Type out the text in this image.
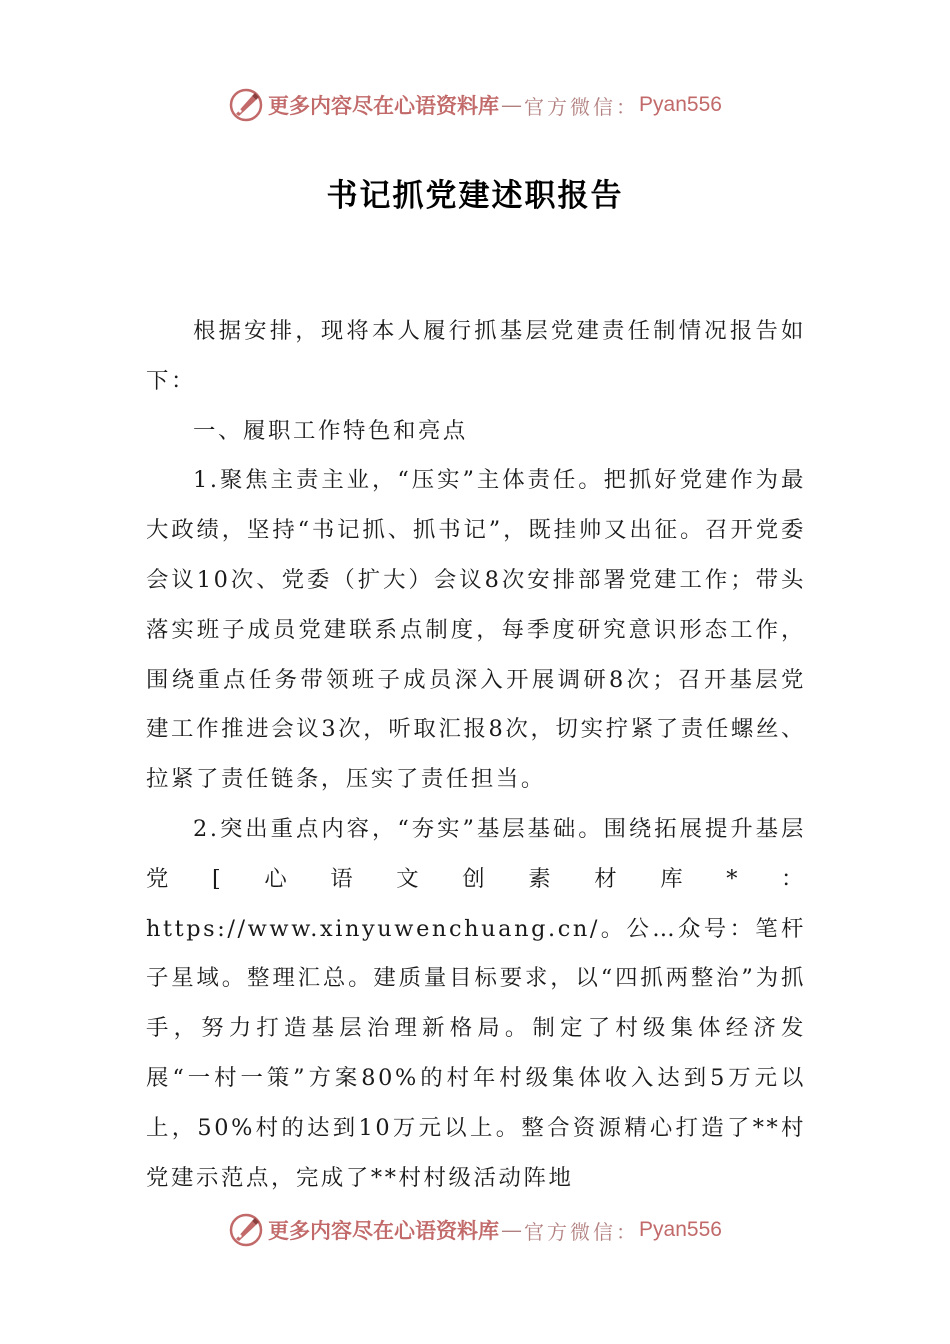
更多内容尽在心语资料库 — 官方微信： Pyan556
书记抓党建述职报告

根据安排，现将本人履行抓基层党建责任制情况报告如下：

一、履职工作特色和亮点

1.聚焦主责主业，“压实”主体责任。把抓好党建作为最大政绩，坚持“书记抓、抓书记”，既挂帅又出征。召开党委会议10次、党委（扩大）会议8次安排部署党建工作；带头落实班子成员党建联系点制度，每季度研究意识形态工作，围绕重点任务带领班子成员深入开展调研8次；召开基层党建工作推进会议3次，听取汇报8次，切实拧紧了责任螺丝、拉紧了责任链条，压实了责任担当。

2.突出重点内容，“夯实”基层基础。围绕拓展提升基层党[心语文创素材库*：https://www.xinyuwenchuang.cn/。公…众号：笔杆子星域。整理汇总。建质量目标要求，以“四抓两整治”为抓手，努力打造基层治理新格局。制定了村级集体经济发展“一村一策”方案80%的村年村级集体收入达到5万元以上，50%村的达到10万元以上。整合资源精心打造了**村党建示范点，完成了**村村级活动阵地

更多内容尽在心语资料库 — 官方微信： Pyan556
